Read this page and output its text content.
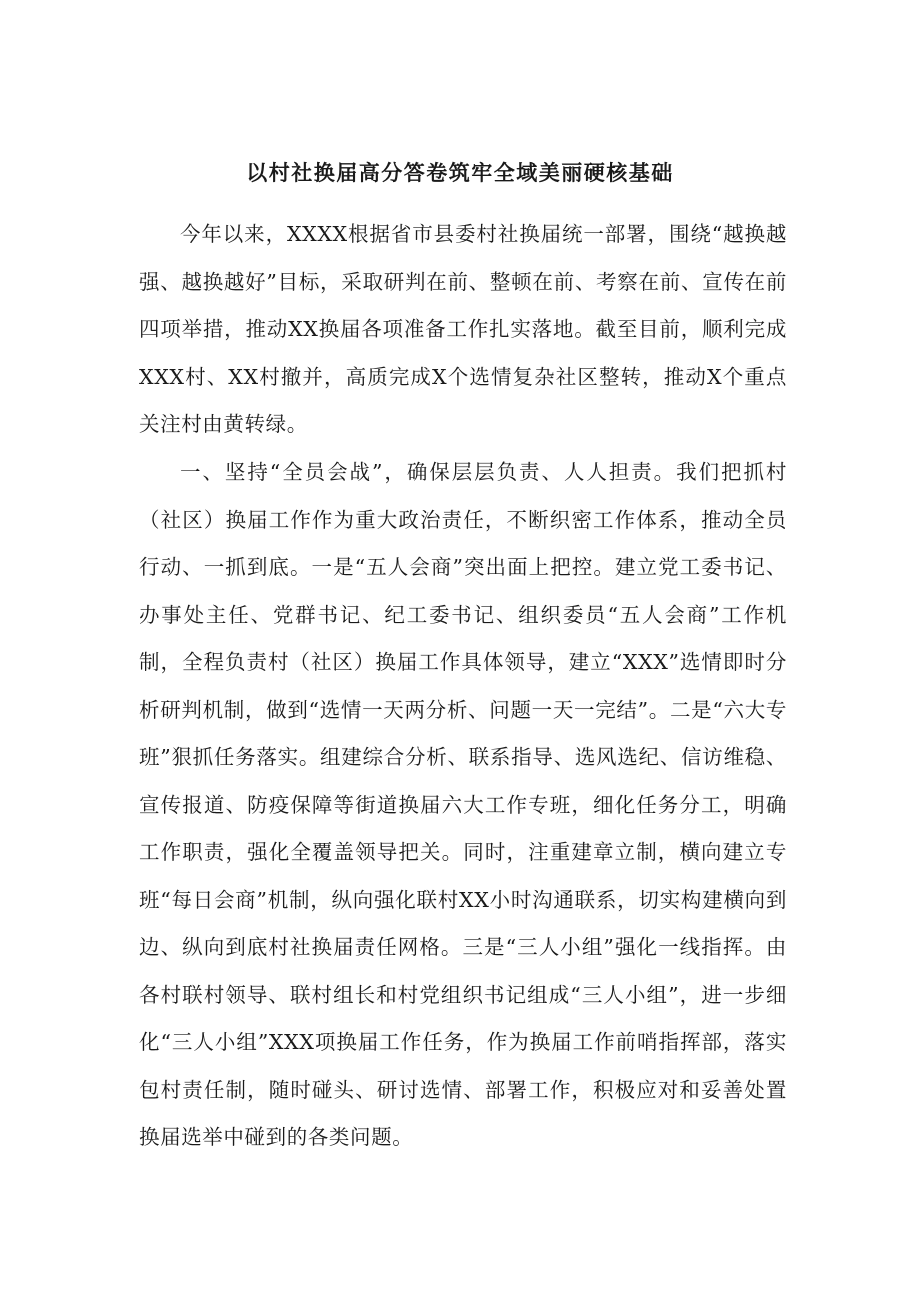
以村社换届高分答卷筑牢全域美丽硬核基础

今年以来，XXXX根据省市县委村社换届统一部署，围绕“越换越强、越换越好”目标，采取研判在前、整顿在前、考察在前、宣传在前四项举措，推动XX换届各项准备工作扎实落地。截至目前，顺利完成XXX村、XX村撤并，高质完成X个选情复杂社区整转，推动X个重点关注村由黄转绿。

一、坚持“全员会战”，确保层层负责、人人担责。我们把抓村（社区）换届工作作为重大政治责任，不断织密工作体系，推动全员行动、一抓到底。一是“五人会商”突出面上把控。建立党工委书记、办事处主任、党群书记、纪工委书记、组织委员“五人会商”工作机制，全程负责村（社区）换届工作具体领导，建立“XXX”选情即时分析研判机制，做到“选情一天两分析、问题一天一完结”。二是“六大专班”狠抓任务落实。组建综合分析、联系指导、选风选纪、信访维稳、宣传报道、防疫保障等街道换届六大工作专班，细化任务分工，明确工作职责，强化全覆盖领导把关。同时，注重建章立制，横向建立专班“每日会商”机制，纵向强化联村XX小时沟通联系，切实构建横向到边、纵向到底村社换届责任网格。三是“三人小组”强化一线指挥。由各村联村领导、联村组长和村党组织书记组成“三人小组”，进一步细化“三人小组”XXX项换届工作任务，作为换届工作前哨指挥部，落实包村责任制，随时碰头、研讨选情、部署工作，积极应对和妥善处置换届选举中碰到的各类问题。
